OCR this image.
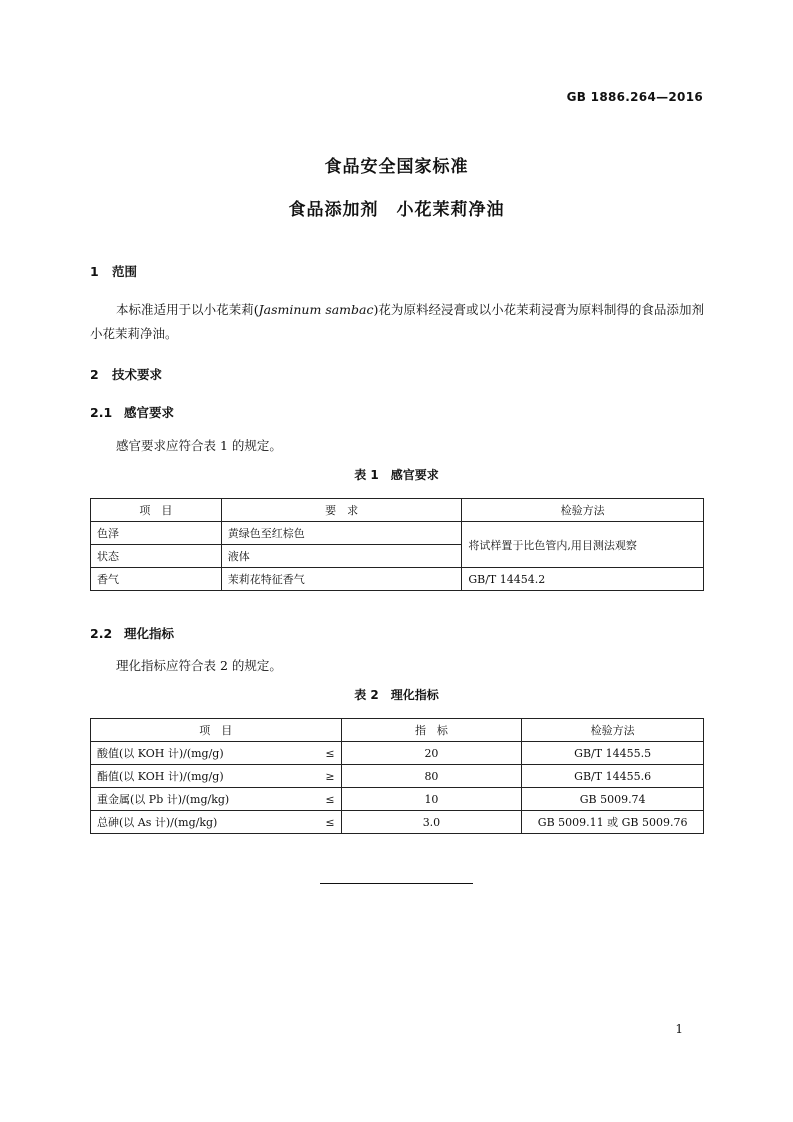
GB 1886.264—2016
食品安全国家标准
食品添加剂　小花茉莉净油
1 范围
本标准适用于以小花茉莉(Jasminum sambac)花为原料经浸膏或以小花茉莉浸膏为原料制得的食品添加剂小花茉莉净油。
2 技术要求
2.1 感官要求
感官要求应符合表 1 的规定。
表 1　感官要求
项　目	要　求	检验方法
色泽	黄绿色至红棕色	将试样置于比色管内,用目测法观察
状态	液体	
香气	茉莉花特征香气	GB/T 14454.2
2.2 理化指标
理化指标应符合表 2 的规定。
表 2　理化指标
项　目	指　标	检验方法

酸值(以 KOH 计)/(mg/g) ≤	20	GB/T 14455.5

酯值(以 KOH 计)/(mg/g) ≥	80	GB/T 14455.6

重金属(以 Pb 计)/(mg/kg) ≤	10	GB 5009.74

总砷(以 As 计)/(mg/kg) ≤	3.0	GB 5009.11 或 GB 5009.76
1
